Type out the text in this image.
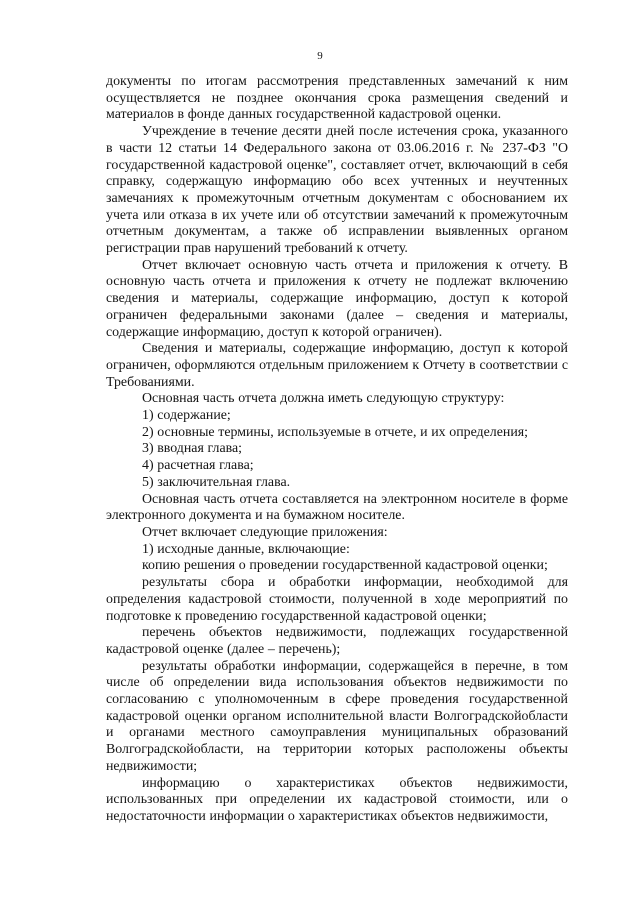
9

документы по итогам рассмотрения представленных замечаний к ним осуществляется не позднее окончания срока размещения сведений и материалов в фонде данных государственной кадастровой оценки.

Учреждение в течение десяти дней после истечения срока, указанного в части 12 статьи 14 Федерального закона от 03.06.2016 г. № 237-ФЗ "О государственной кадастровой оценке", составляет отчет, включающий в себя справку, содержащую информацию обо всех учтенных и неучтенных замечаниях к промежуточным отчетным документам с обоснованием их учета или отказа в их учете или об отсутствии замечаний к промежуточным отчетным документам, а также об исправлении выявленных органом регистрации прав нарушений требований к отчету.

Отчет включает основную часть отчета и приложения к отчету. В основную часть отчета и приложения к отчету не подлежат включению сведения и материалы, содержащие информацию, доступ к которой ограничен федеральными законами (далее – сведения и материалы, содержащие информацию, доступ к которой ограничен).

Сведения и материалы, содержащие информацию, доступ к которой ограничен, оформляются отдельным приложением к Отчету в соответствии с Требованиями.

Основная часть отчета должна иметь следующую структуру:

1) содержание;

2) основные термины, используемые в отчете, и их определения;

3) вводная глава;

4) расчетная глава;

5) заключительная глава.

Основная часть отчета составляется на электронном носителе в форме электронного документа и на бумажном носителе.

Отчет включает следующие приложения:

1) исходные данные, включающие:

копию решения о проведении государственной кадастровой оценки;

результаты сбора и обработки информации, необходимой для определения кадастровой стоимости, полученной в ходе мероприятий по подготовке к проведению государственной кадастровой оценки;

перечень объектов недвижимости, подлежащих государственной кадастровой оценке (далее – перечень);

результаты обработки информации, содержащейся в перечне, в том числе об определении вида использования объектов недвижимости по согласованию с уполномоченным в сфере проведения государственной кадастровой оценки органом исполнительной власти Волгоградскойобласти и органами местного самоуправления муниципальных образований Волгоградскойобласти, на территории которых расположены объекты недвижимости;

информацию о характеристиках объектов недвижимости, использованных при определении их кадастровой стоимости, или о недостаточности информации о характеристиках объектов недвижимости,
